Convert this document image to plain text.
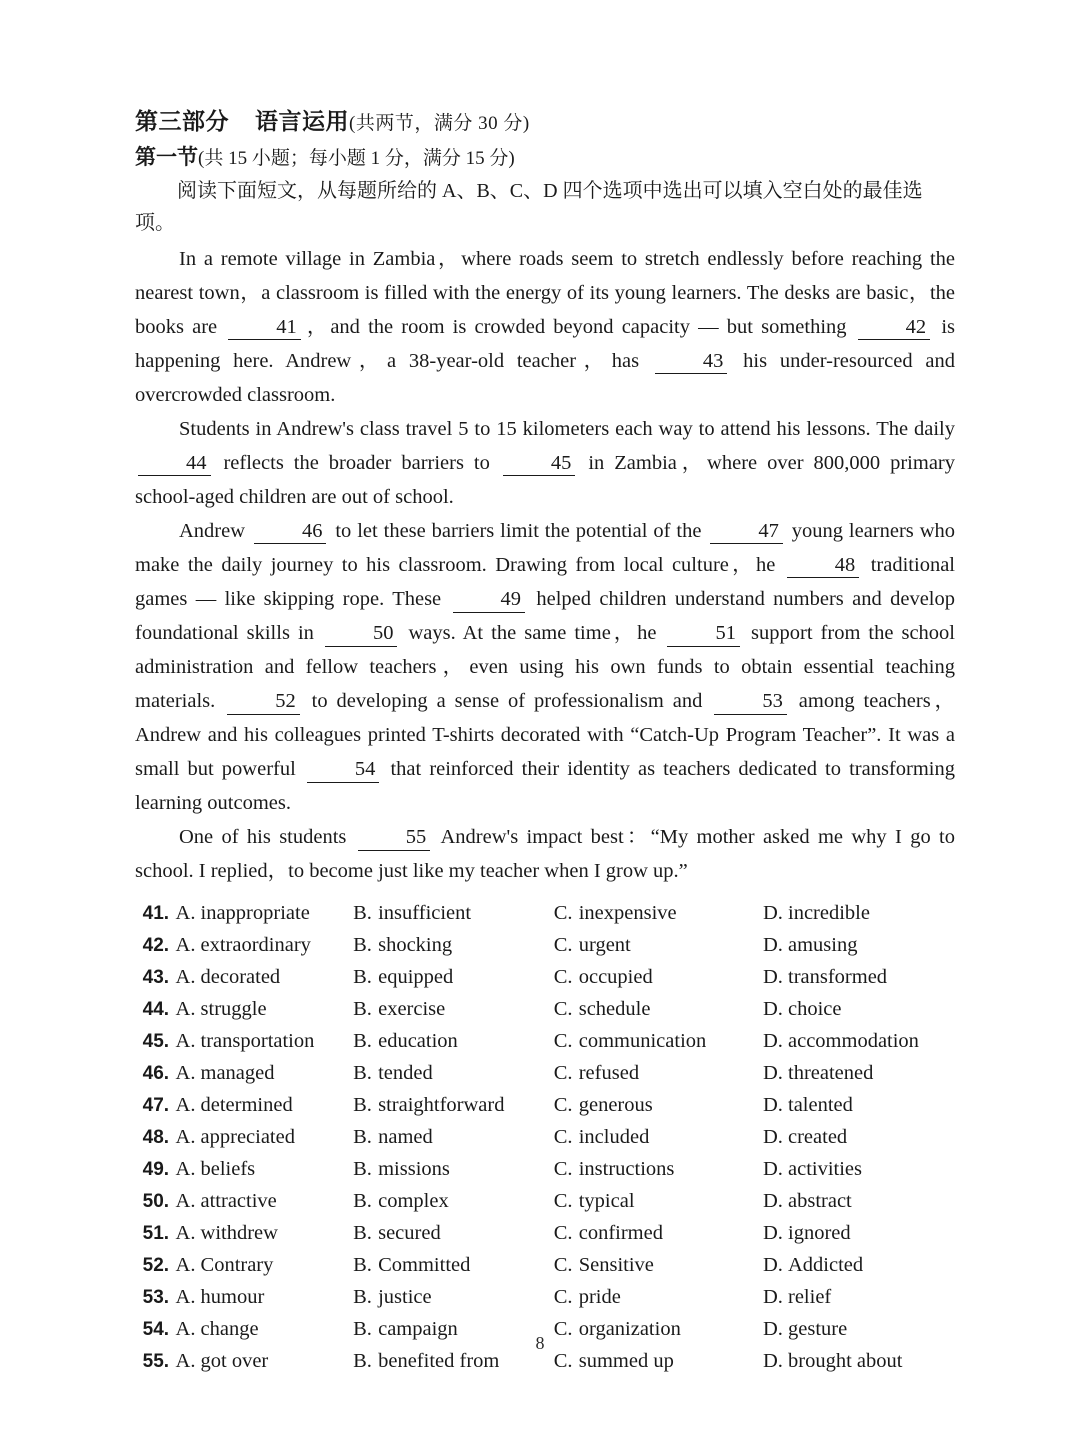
第三部分 语言运用(共两节，满分 30 分)
第一节(共 15 小题；每小题 1 分，满分 15 分)

阅读下面短文，从每题所给的 A、B、C、D 四个选项中选出可以填入空白处的最佳选项。

In a remote village in Zambia，where roads seem to stretch endlessly before reaching the nearest town，a classroom is filled with the energy of its young learners. The desks are basic，the books are 41 ，and the room is crowded beyond capacity — but something 42 is happening here. Andrew，a 38-year-old teacher，has 43 his under-resourced and overcrowded classroom.

Students in Andrew's class travel 5 to 15 kilometers each way to attend his lessons. The daily 44 reflects the broader barriers to 45 in Zambia，where over 800,000 primary school-aged children are out of school.

Andrew 46 to let these barriers limit the potential of the 47 young learners who make the daily journey to his classroom. Drawing from local culture，he 48 traditional games — like skipping rope. These 49 helped children understand numbers and develop foundational skills in 50 ways. At the same time，he 51 support from the school administration and fellow teachers，even using his own funds to obtain essential teaching materials. 52 to developing a sense of professionalism and 53 among teachers，Andrew and his colleagues printed T-shirts decorated with “Catch-Up Program Teacher”. It was a small but powerful 54 that reinforced their identity as teachers dedicated to transforming learning outcomes.

One of his students 55 Andrew's impact best：“My mother asked me why I go to school. I replied，to become just like my teacher when I grow up.”

41 . A. inappropriate B. insufficient	C. inexpensive	D. incredible
42 . A. extraordinary B. shocking	C. urgent	D. amusing
43 . A. decorated	B. equipped	C. occupied	D. transformed
44 . A. struggle	B. exercise	C. schedule	D. choice
45 . A. transportation B. education	C. communication	D. accommodation
46 . A. managed	B. tended	C. refused	D. threatened
47 . A. determined	B. straightforward C. generous	D. talented
48 . A. appreciated	B. named	C. included	D. created
49 . A. beliefs	B. missions	C. instructions	D. activities
50 . A. attractive	B. complex	C. typical	D. abstract
51 . A. withdrew	B. secured	C. confirmed	D. ignored
52 . A. Contrary	B. Committed	C. Sensitive	D. Addicted
53 . A. humour	B. justice	C. pride	D. relief
54 . A. change	B. campaign	C. organization	D. gesture
55 . A. got over	B. benefited from	C. summed up	D. brought about
8
